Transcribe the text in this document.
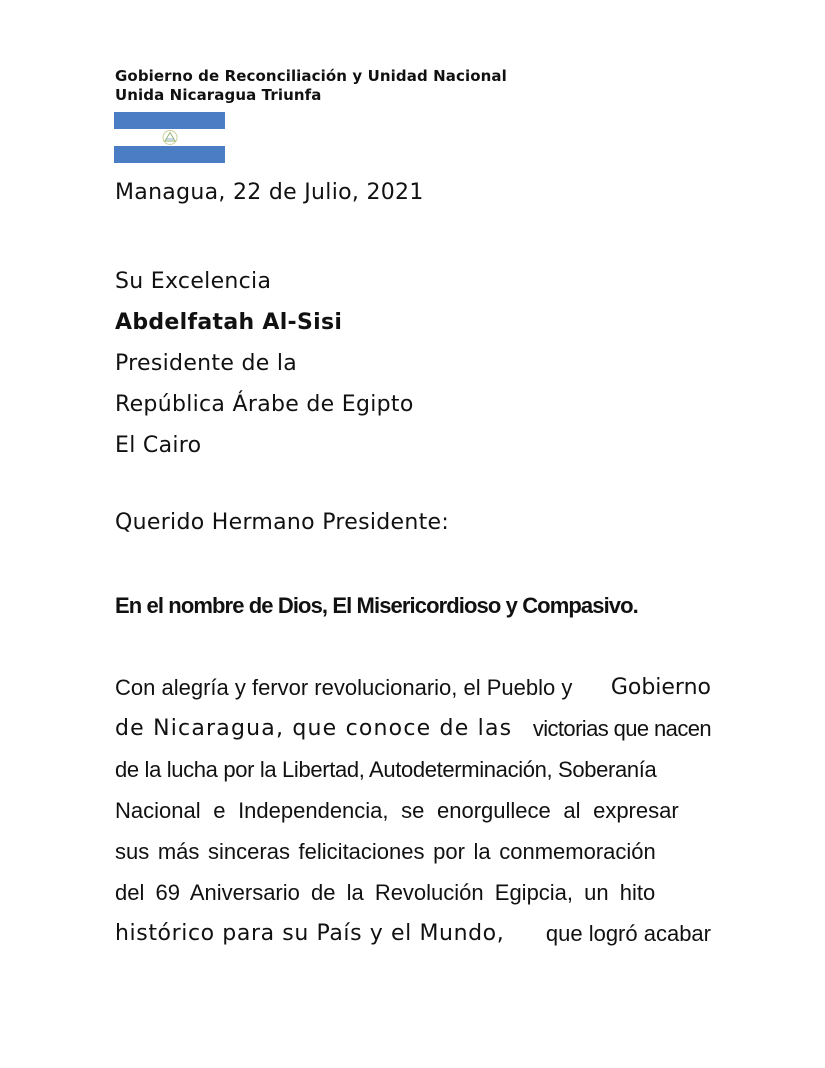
Gobierno de Reconciliación y Unidad Nacional
Unida Nicaragua Triunfa
Managua, 22 de Julio, 2021
Su Excelencia
Abdelfatah Al-Sisi
Presidente de la
República Árabe de Egipto
El Cairo
Querido Hermano Presidente:
En el nombre de Dios, El Misericordioso y Compasivo.
Con alegría y fervor revolucionario, el Pueblo y Gobierno
de Nicaragua, que conoce de las victorias que nacen
de la lucha por la Libertad, Autodeterminación, Soberanía
Nacional e Independencia, se enorgullece al expresar
sus más sinceras felicitaciones por la conmemoración
del 69 Aniversario de la Revolución Egipcia, un hito
histórico para su País y el Mundo, que logró acabar
